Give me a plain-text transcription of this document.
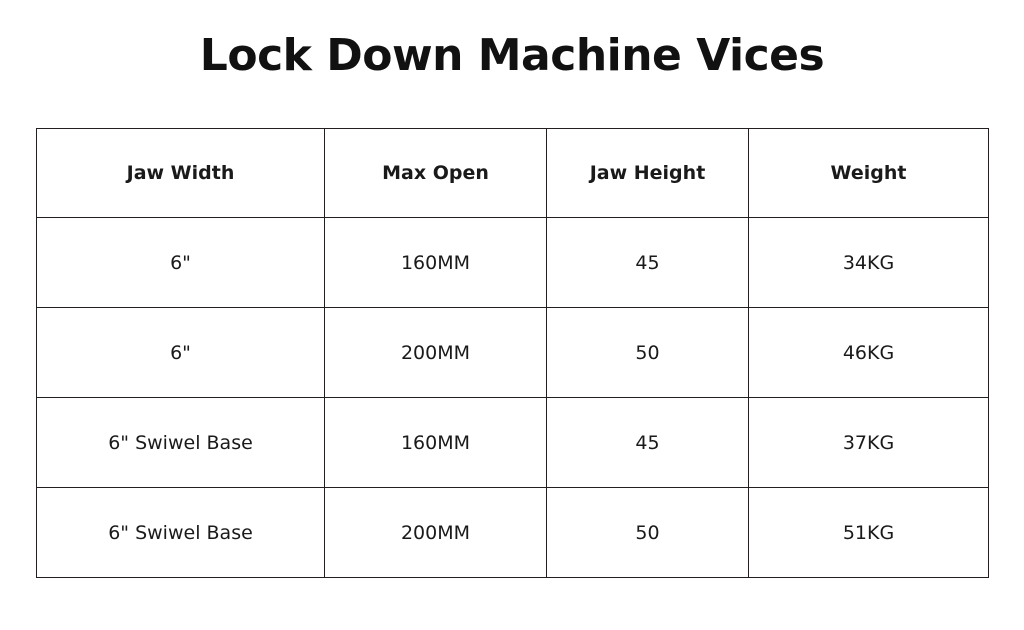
Lock Down Machine Vices
Jaw Width	Max Open	Jaw Height	Weight
6"	160MM	45	34KG
6"	200MM	50	46KG
6" Swiwel Base	160MM	45	37KG
6" Swiwel Base	200MM	50	51KG
